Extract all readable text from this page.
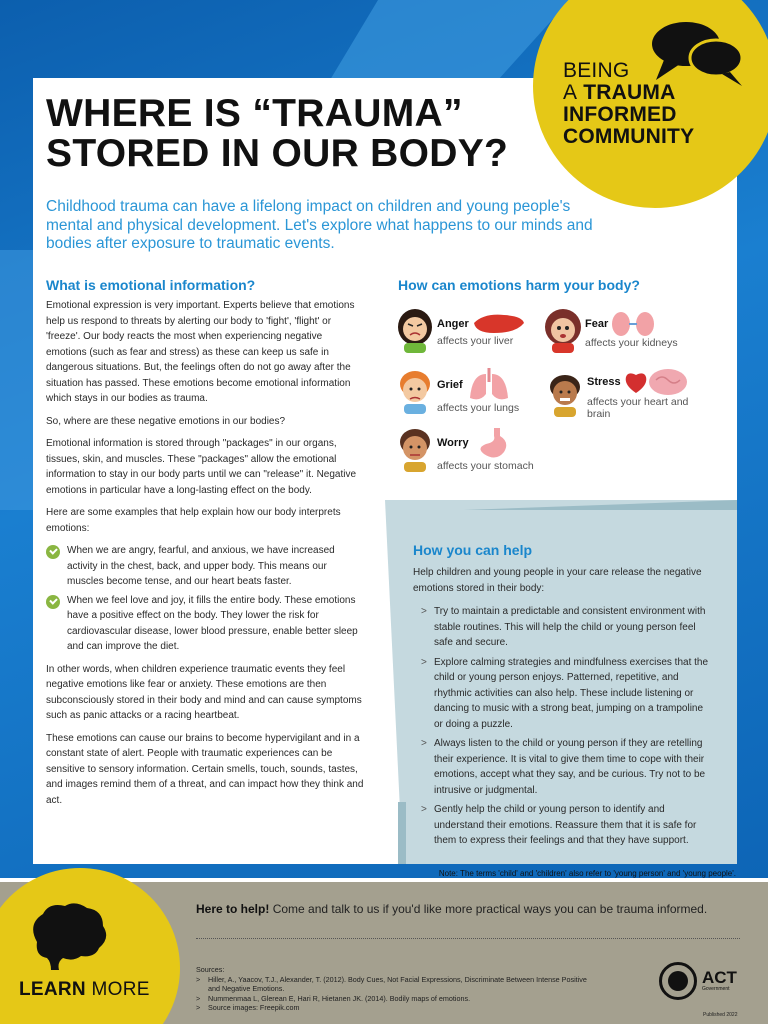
BEING
A TRAUMA
INFORMED
COMMUNITY
WHERE IS “TRAUMA” STORED IN OUR BODY?
Childhood trauma can have a lifelong impact on children and young people's mental and physical development. Let's explore what happens to our minds and bodies after exposure to traumatic events.
What is emotional information?

Emotional expression is very important. Experts believe that emotions help us respond to threats by alerting our body to 'fight', 'flight' or 'freeze'. Our body reacts the most when experiencing negative emotions (such as fear and stress) as these can keep us safe in dangerous situations. But, the feelings often do not go away after the situation has passed. These emotions become emotional information which stays in our bodies as trauma.

So, where are these negative emotions in our bodies?

Emotional information is stored through "packages" in our organs, tissues, skin, and muscles. These "packages" allow the emotional information to stay in our body parts until we can "release" it. Negative emotions in particular have a long-lasting effect on the body.

Here are some examples that help explain how our body interprets emotions:

When we are angry, fearful, and anxious, we have increased activity in the chest, back, and upper body. This means our muscles become tense, and our heart beats faster.
When we feel love and joy, it fills the entire body. These emotions have a positive effect on the body. They lower the risk for cardiovascular disease, lower blood pressure, enable better sleep and can improve the diet.

In other words, when children experience traumatic events they feel negative emotions like fear or anxiety. These emotions are then subconsciously stored in their body and mind and can cause symptoms such as panic attacks or a racing heartbeat.

These emotions can cause our brains to become hypervigilant and in a constant state of alert. People with traumatic experiences can be sensitive to sensory information. Certain smells, touch, sounds, tastes, and images remind them of a threat, and can impact how they think and act.

How can emotions harm your body?
Anger
affects your liver
Fear
affects your kidneys
Grief
affects your lungs
Stress
affects your heart and brain
Worry
affects your stomach
How you can help
Help children and young people in your care release the negative emotions stored in their body:
> Try to maintain a predictable and consistent environment with stable routines. This will help the child or young person feel safe and secure.
> Explore calming strategies and mindfulness exercises that the child or young person enjoys. Patterned, repetitive, and rhythmic activities can also help. These include listening or dancing to music with a strong beat, jumping on a trampoline or doing a puzzle.
> Always listen to the child or young person if they are retelling their experience. It is vital to give them time to cope with their emotions, accept what they say, and be curious. Try not to be intrusive or judgmental.
> Gently help the child or young person to identify and understand their emotions. Reassure them that it is safe for them to express their feelings and that they have support.
Note: The terms 'child' and 'children' also refer to 'young person' and 'young people'.
LEARN MORE
Here to help! Come and talk to us if you'd like more practical ways you can be trauma informed.
Sources:
> Hiller, A., Yaacov, T.J., Alexander, T. (2012). Body Cues, Not Facial Expressions, Discriminate Between Intense Positive and Negative Emotions.
> Nummenmaa L, Glerean E, Hari R, Hietanen JK. (2014). Bodily maps of emotions.
> Source images: Freepik.com
ACT
Government
Published 2022
